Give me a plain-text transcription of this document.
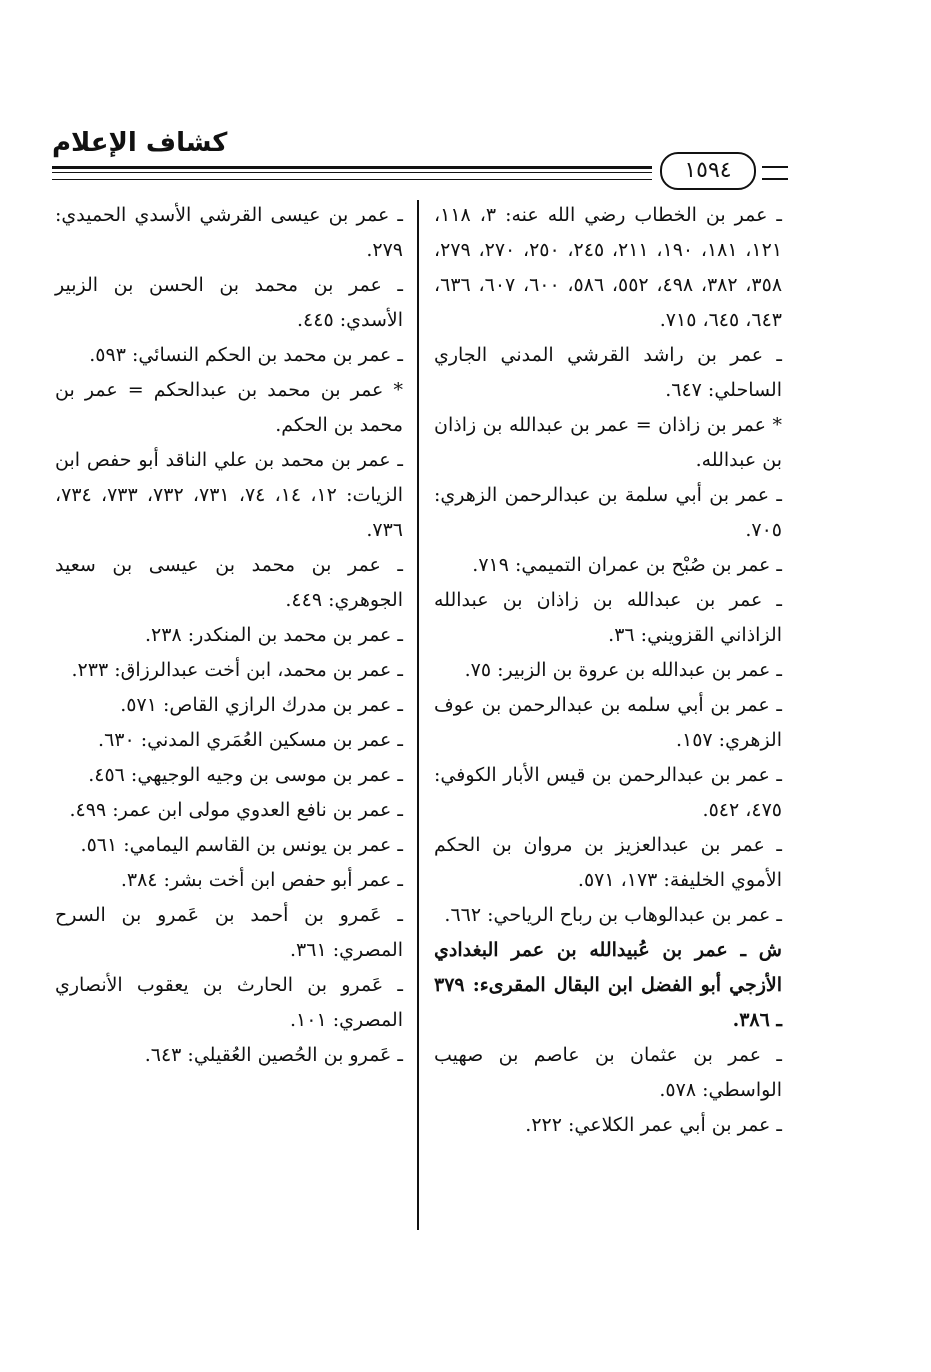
كشاف الإعلام
١٥٩٤
ـ عمر بن الخطاب رضي الله عنه: ٣، ١١٨، ١٢١، ١٨١، ١٩٠، ٢١١، ٢٤٥، ٢٥٠، ٢٧٠، ٢٧٩، ٣٥٨، ٣٨٢، ٤٩٨، ٥٥٢، ٥٨٦، ٦٠٠، ٦٠٧، ٦٣٦، ٦٤٣، ٦٤٥، ٧١٥.
ـ عمر بن راشد القرشي المدني الجاري الساحلي: ٦٤٧.
* عمر بن زاذان = عمر بن عبدالله بن زاذان بن عبدالله.
ـ عمر بن أبي سلمة بن عبدالرحمن الزهري: ٧٠٥.
ـ عمر بن صُبْح بن عمران التميمي: ٧١٩.
ـ عمر بن عبدالله بن زاذان بن عبدالله الزاذاني القزويني: ٣٦.
ـ عمر بن عبدالله بن عروة بن الزبير: ٧٥.
ـ عمر بن أبي سلمه بن عبدالرحمن بن عوف الزهري: ١٥٧.
ـ عمر بن عبدالرحمن بن قيس الأبار الكوفي: ٤٧٥، ٥٤٢.
ـ عمر بن عبدالعزيز بن مروان بن الحكم الأموي الخليفة: ١٧٣، ٥٧١.
ـ عمر بن عبدالوهاب بن رباح الرياحي: ٦٦٢.
ش ـ عمر بن عُبيدالله بن عمر البغدادي الأزجي أبو الفضل ابن البقال المقرىء: ٣٧٩ ـ ٣٨٦.
ـ عمر بن عثمان بن عاصم بن صهيب الواسطي: ٥٧٨.
ـ عمر بن أبي عمر الكلاعي: ٢٢٢.
ـ عمر بن عيسى القرشي الأسدي الحميدي: ٢٧٩.
ـ عمر بن محمد بن الحسن بن الزبير الأسدي: ٤٤٥.
ـ عمر بن محمد بن الحكم النسائي: ٥٩٣.
* عمر بن محمد بن عبدالحكم = عمر بن محمد بن الحكم.
ـ عمر بن محمد بن علي الناقد أبو حفص ابن الزيات: ١٢، ١٤، ٧٤، ٧٣١، ٧٣٢، ٧٣٣، ٧٣٤، ٧٣٦.
ـ عمر بن محمد بن عيسى بن سعيد الجوهري: ٤٤٩.
ـ عمر بن محمد بن المنكدر: ٢٣٨.
ـ عمر بن محمد، ابن أخت عبدالرزاق: ٢٣٣.
ـ عمر بن مدرك الرازي القاص: ٥٧١.
ـ عمر بن مسكين العُمَري المدني: ٦٣٠.
ـ عمر بن موسى بن وجيه الوجيهي: ٤٥٦.
ـ عمر بن نافع العدوي مولى ابن عمر: ٤٩٩.
ـ عمر بن يونس بن القاسم اليمامي: ٥٦١.
ـ عمر أبو حفص ابن أخت بشر: ٣٨٤.
ـ عَمرو بن أحمد بن عَمرو بن السرح المصري: ٣٦١.
ـ عَمرو بن الحارث بن يعقوب الأنصاري المصري: ١٠١.
ـ عَمرو بن الحُصين العُقيلي: ٦٤٣.
